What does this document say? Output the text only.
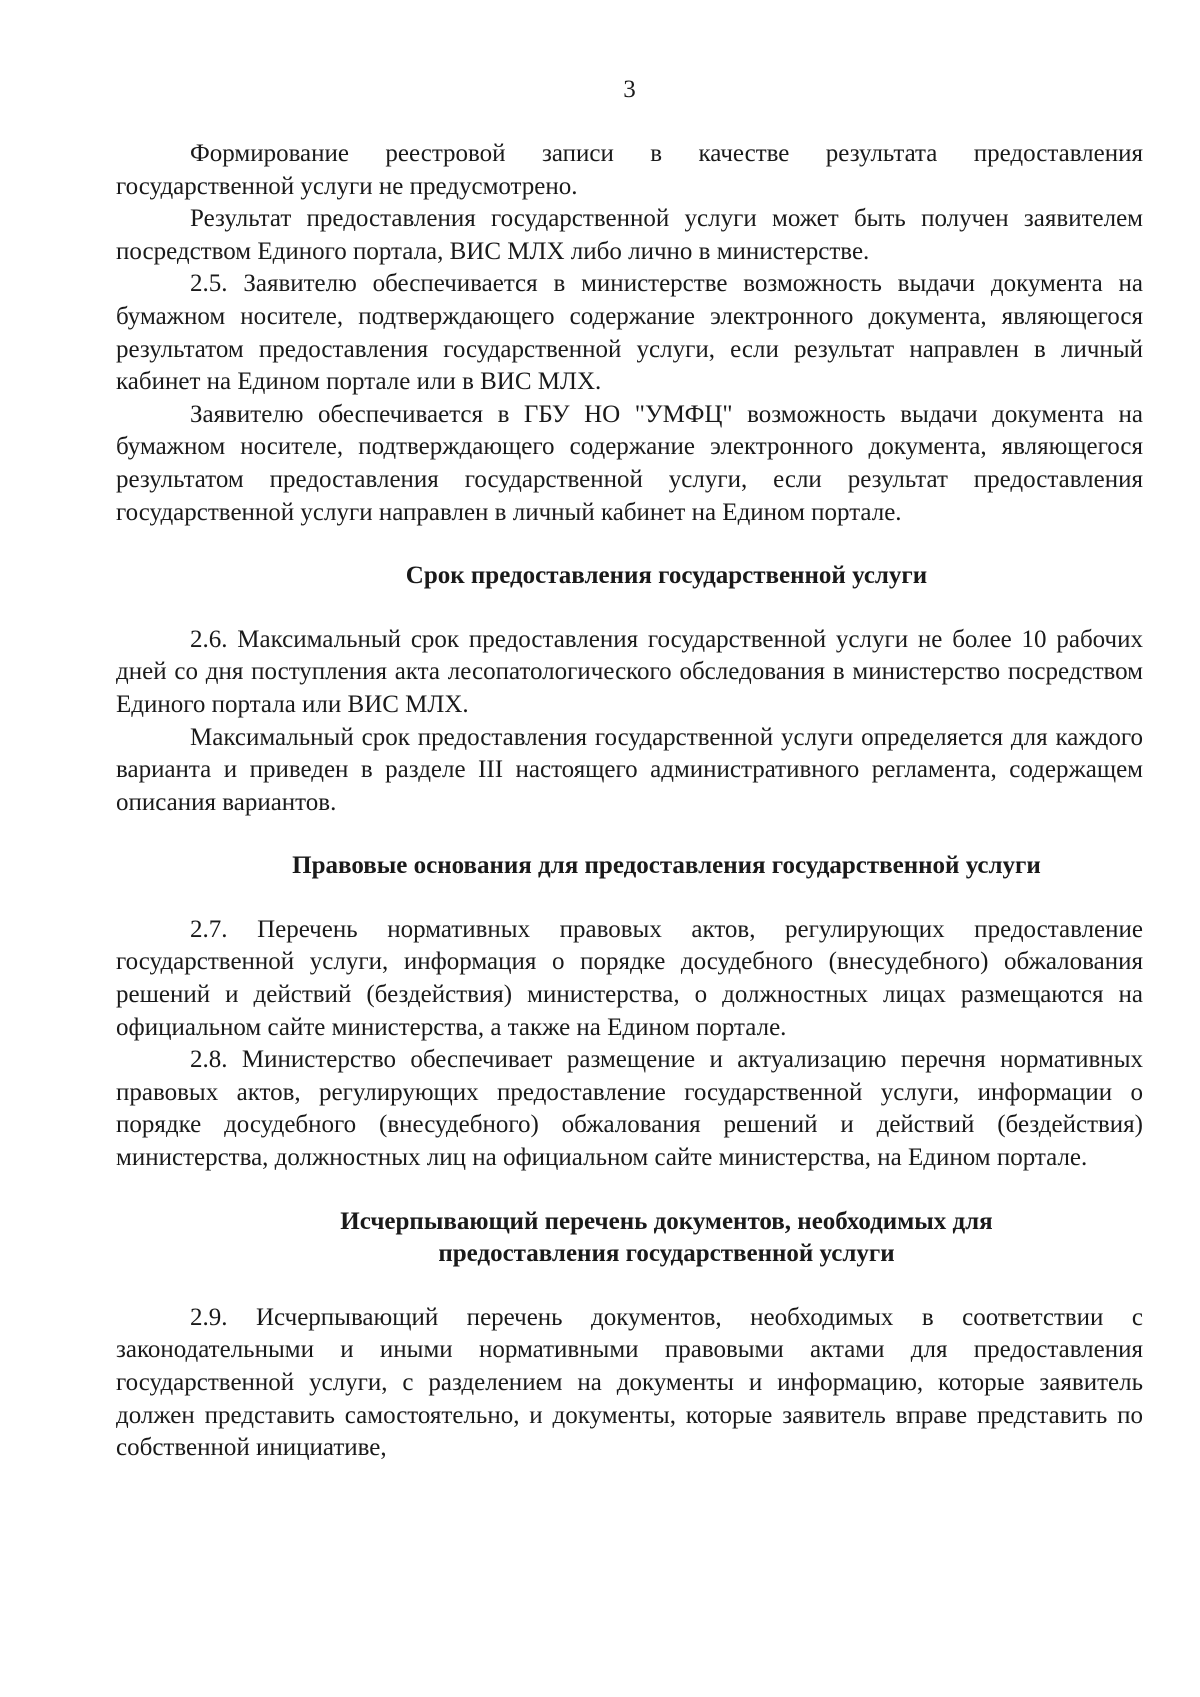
3

Формирование реестровой записи в качестве результата предоставления государственной услуги не предусмотрено.

Результат предоставления государственной услуги может быть получен заявителем посредством Единого портала, ВИС МЛХ либо лично в министерстве.

2.5. Заявителю обеспечивается в министерстве возможность выдачи документа на бумажном носителе, подтверждающего содержание электронного документа, являющегося результатом предоставления государственной услуги, если результат направлен в личный кабинет на Едином портале или в ВИС МЛХ.

Заявителю обеспечивается в ГБУ НО "УМФЦ" возможность выдачи документа на бумажном носителе, подтверждающего содержание электронного документа, являющегося результатом предоставления государственной услуги, если результат предоставления государственной услуги направлен в личный кабинет на Едином портале.

Срок предоставления государственной услуги

2.6. Максимальный срок предоставления государственной услуги не более 10 рабочих дней со дня поступления акта лесопатологического обследования в министерство посредством Единого портала или ВИС МЛХ.

Максимальный срок предоставления государственной услуги определяется для каждого варианта и приведен в разделе III настоящего административного регламента, содержащем описания вариантов.

Правовые основания для предоставления государственной услуги

2.7. Перечень нормативных правовых актов, регулирующих предоставление государственной услуги, информация о порядке досудебного (внесудебного) обжалования решений и действий (бездействия) министерства, о должностных лицах размещаются на официальном сайте министерства, а также на Едином портале.

2.8. Министерство обеспечивает размещение и актуализацию перечня нормативных правовых актов, регулирующих предоставление государственной услуги, информации о порядке досудебного (внесудебного) обжалования решений и действий (бездействия) министерства, должностных лиц на официальном сайте министерства, на Едином портале.

Исчерпывающий перечень документов, необходимых для предоставления государственной услуги

2.9. Исчерпывающий перечень документов, необходимых в соответствии с законодательными и иными нормативными правовыми актами для предоставления государственной услуги, с разделением на документы и информацию, которые заявитель должен представить самостоятельно, и документы, которые заявитель вправе представить по собственной инициативе,
